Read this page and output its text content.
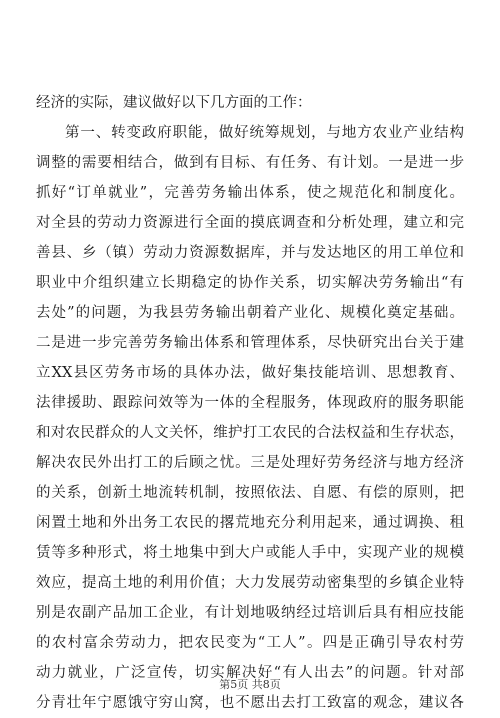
经济的实际，建议做好以下几方面的工作：
第一、转变政府职能，做好统筹规划，与地方农业产业结构
调整的需要相结合，做到有目标、有任务、有计划。一是进一步
抓好“订单就业”，完善劳务输出体系，使之规范化和制度化。
对全县的劳动力资源进行全面的摸底调查和分析处理，建立和完
善县、乡（镇）劳动力资源数据库，并与发达地区的用工单位和
职业中介组织建立长期稳定的协作关系，切实解决劳务输出“有
去处”的问题，为我县劳务输出朝着产业化、规模化奠定基础。
二是进一步完善劳务输出体系和管理体系，尽快研究出台关于建
立XX县区劳务市场的具体办法，做好集技能培训、思想教育、
法律援助、跟踪问效等为一体的全程服务，体现政府的服务职能
和对农民群众的人文关怀，维护打工农民的合法权益和生存状态，
解决农民外出打工的后顾之忧。三是处理好劳务经济与地方经济
的关系，创新土地流转机制，按照依法、自愿、有偿的原则，把
闲置土地和外出务工农民的撂荒地充分利用起来，通过调换、租
赁等多种形式，将土地集中到大户或能人手中，实现产业的规模
效应，提高土地的利用价值；大力发展劳动密集型的乡镇企业特
别是农副产品加工企业，有计划地吸纳经过培训后具有相应技能
的农村富余劳动力，把农民变为“工人”。四是正确引导农村劳
动力就业，广泛宣传，切实解决好“有人出去”的问题。针对部
分青壮年宁愿饿守穷山窝，也不愿出去打工致富的观念，建议各
第5页 共8页
